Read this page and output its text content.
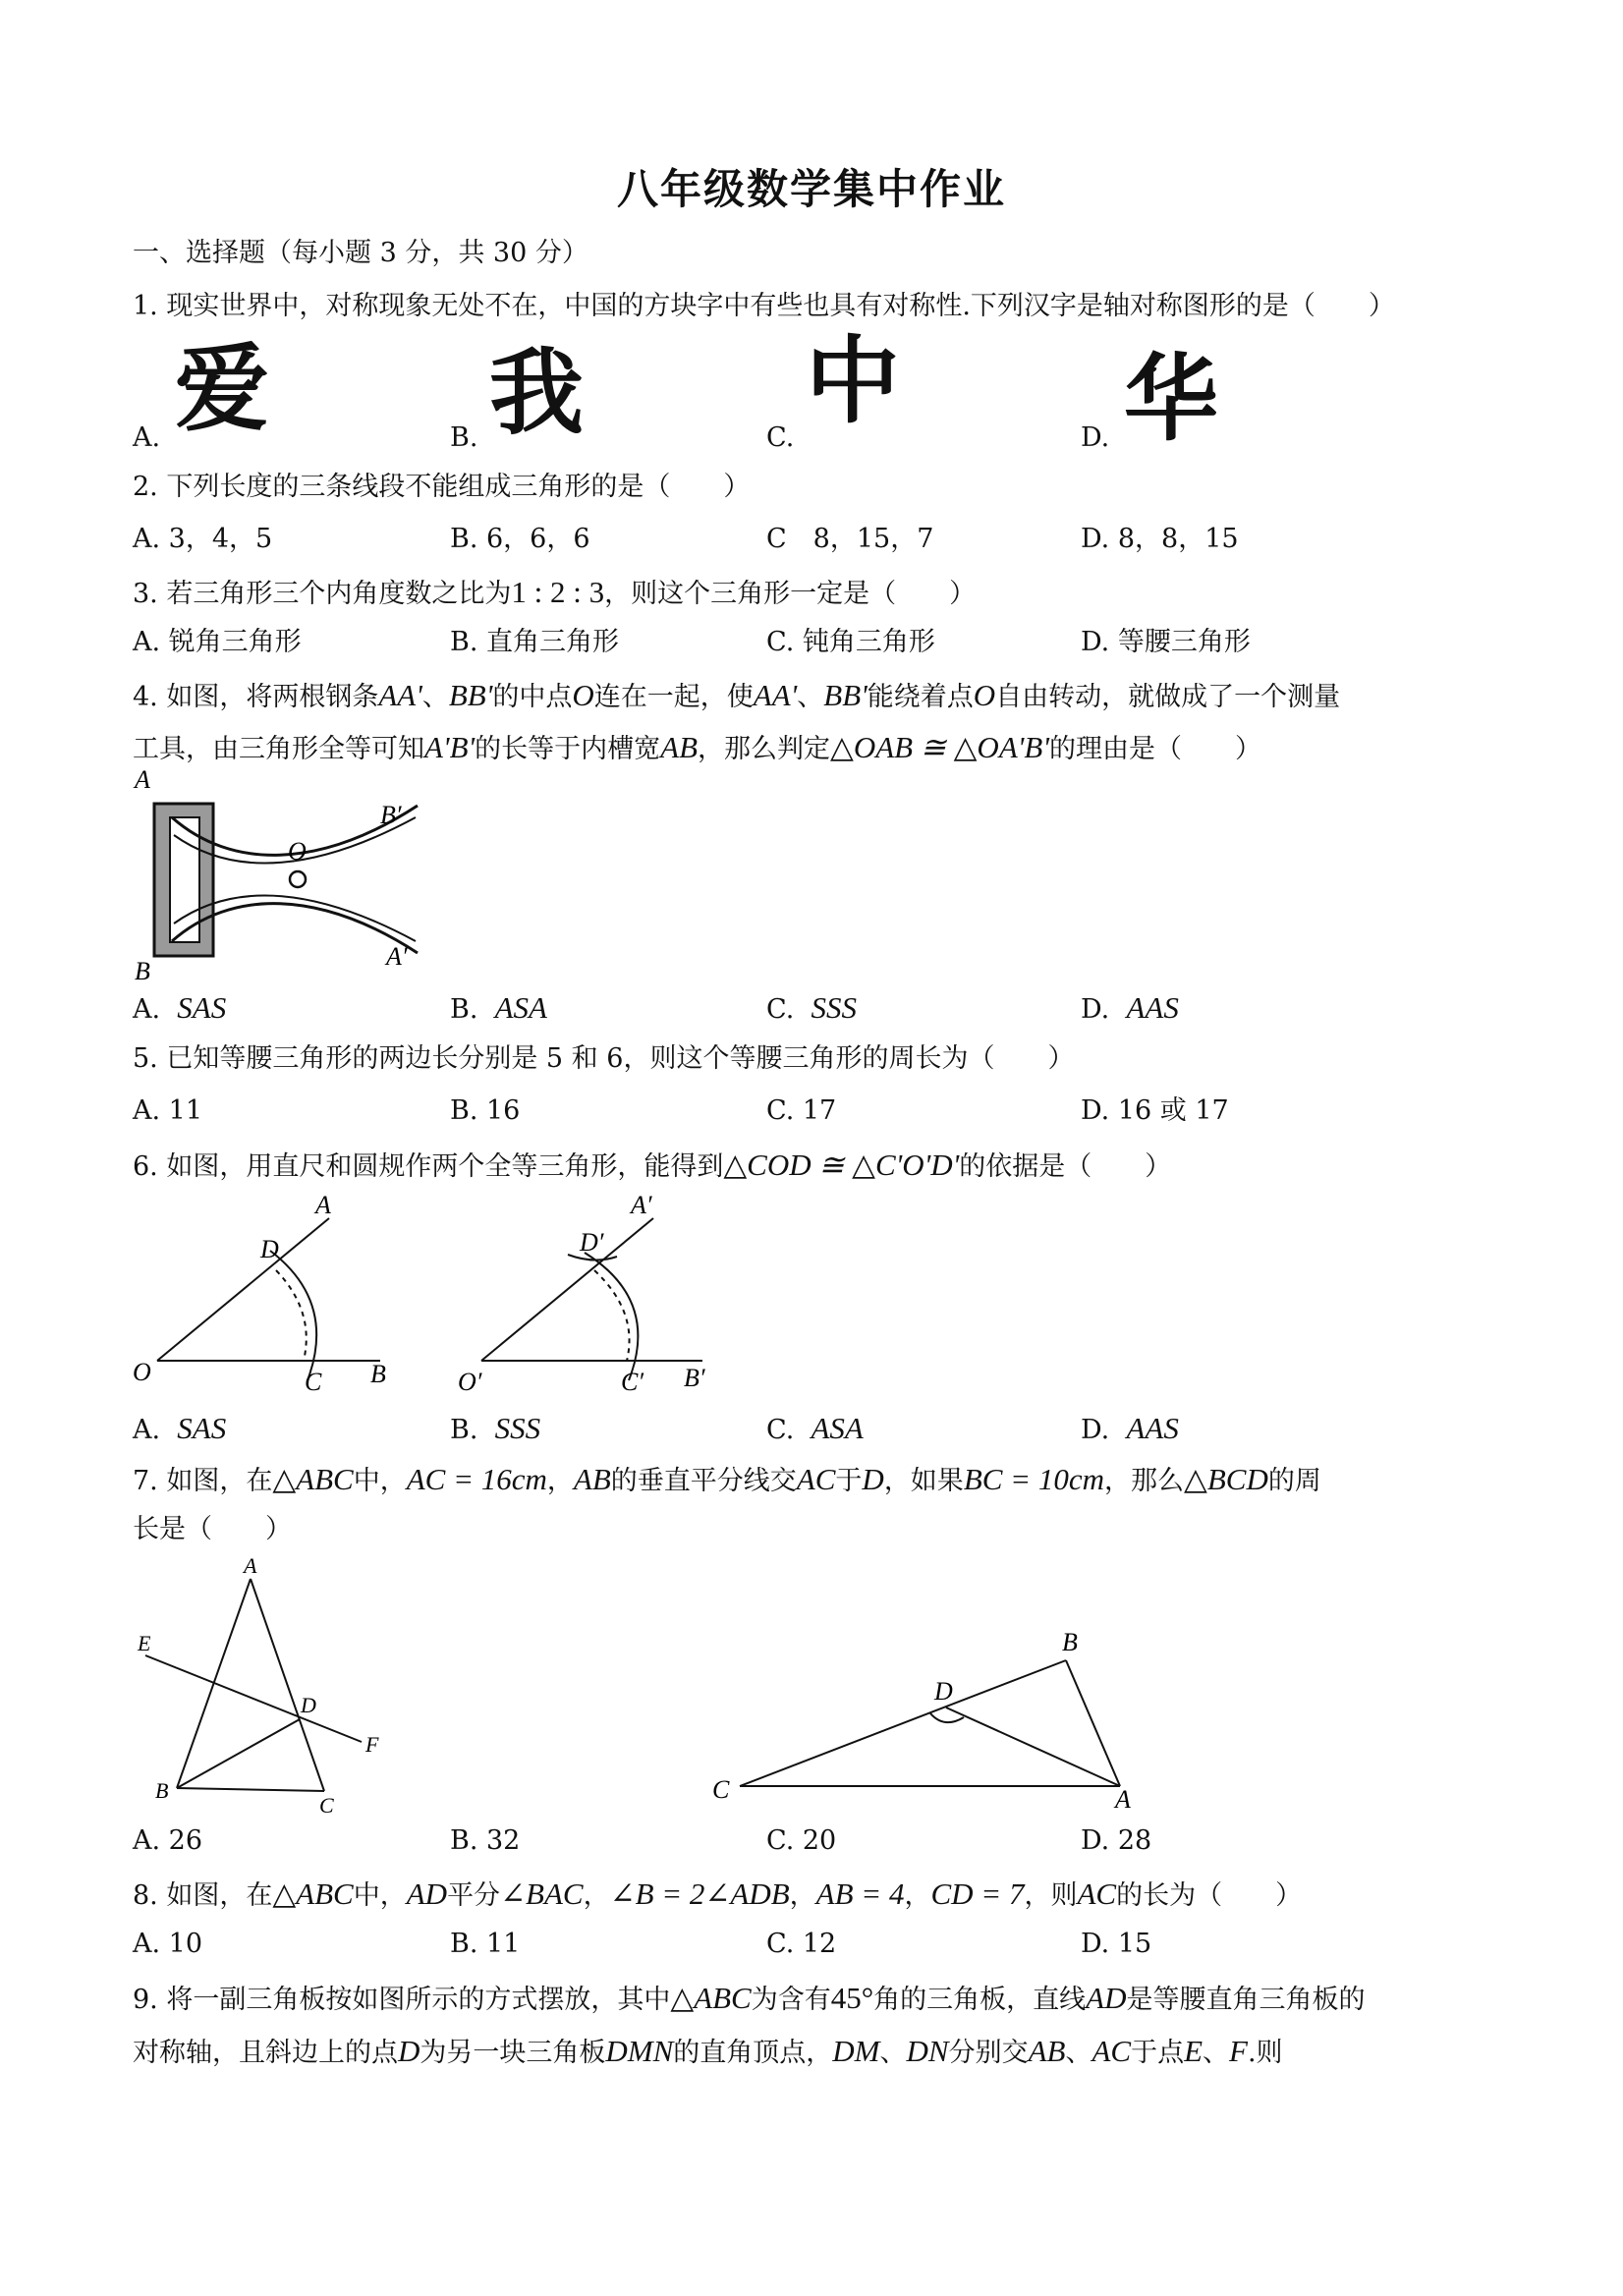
八年级数学集中作业
一、选择题（每小题 3 分，共 30 分）
1. 现实世界中，对称现象无处不在，中国的方块字中有些也具有对称性.下列汉字是轴对称图形的是（　　）
A. 爱	B. 我	C.
中
D. 华
2. 下列长度的三条线段不能组成三角形的是（　　）
A. 3，4，5	B. 6，6，6	C　8，15，7	D. 8，8，15
3. 若三角形三个内角度数之比为1 : 2 : 3，则这个三角形一定是（　　）
A. 锐角三角形	B. 直角三角形	C. 钝角三角形	D. 等腰三角形
4. 如图，将两根钢条AA'、BB'的中点O连在一起，使AA'、BB'能绕着点O自由转动，就做成了一个测量
工具，由三角形全等可知A'B'的长等于内槽宽AB，那么判定△OAB ≅ △OA'B'的理由是（　　）
A
B
O
B′
A′
A. SAS	B. ASA	C. SSS	D. AAS
5. 已知等腰三角形的两边长分别是 5 和 6，则这个等腰三角形的周长为（　　）
A. 11	B. 16	C. 17	D. 16 或 17
6. 如图，用直尺和圆规作两个全等三角形，能得到△COD ≅ △C'O'D'的依据是（　　）
A
D
O	C B
A′
D′
O′	C′ B′
A. SAS	B. SSS	C. ASA	D. AAS
7. 如图，在△ABC中，AC = 16cm，AB的垂直平分线交AC于D，如果BC = 10cm，那么△BCD的周
长是（　　）
A
E
D
F
B
C
B
D
C	A
A. 26	B. 32	C. 20	D. 28
8. 如图，在△ABC中，AD平分∠BAC，∠B = 2∠ADB，AB = 4，CD = 7，则AC的长为（　　）
A. 10	B. 11	C. 12	D. 15
9. 将一副三角板按如图所示的方式摆放，其中△ABC为含有45°角的三角板，直线AD是等腰直角三角板的
对称轴，且斜边上的点D为另一块三角板DMN的直角顶点，DM、DN分别交AB、AC于点E、F.则
